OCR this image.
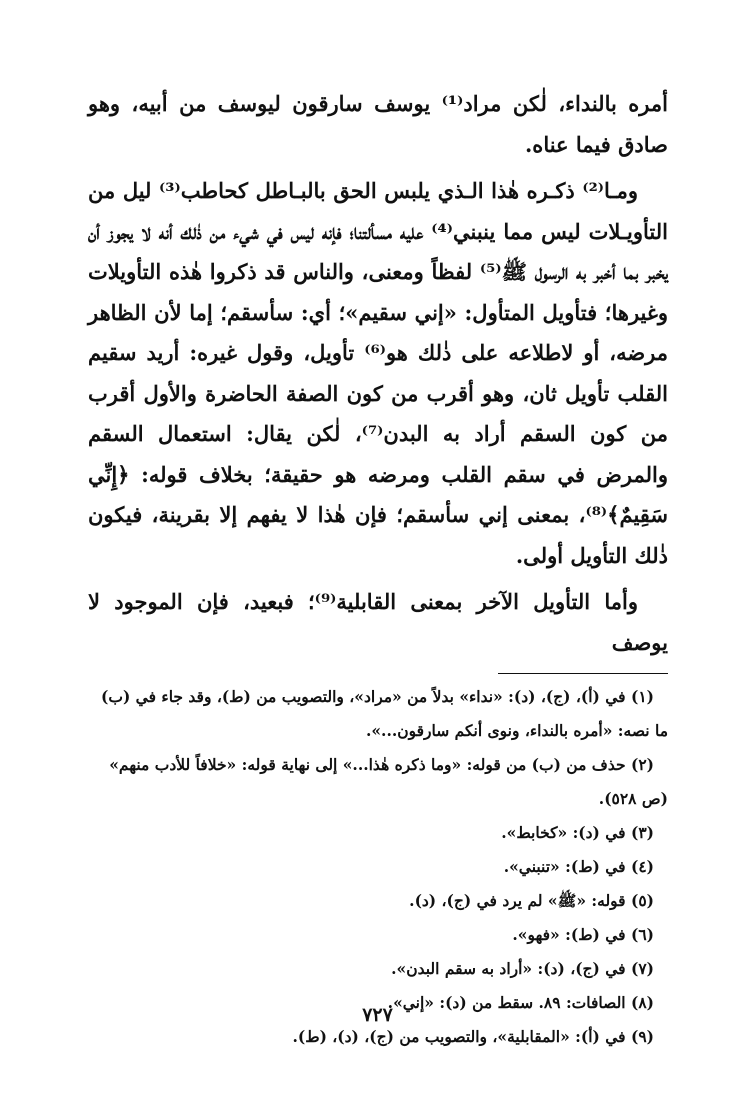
أمره بالنداء، لٰكن مراد⁽¹⁾ يوسف سارقون ليوسف من أبيه، وهو صادق فيما عناه.

ومـا⁽²⁾ ذكـره هٰذا الـذي يلبس الحق بالبـاطل كحاطب⁽³⁾ ليل من التأويـلات ليس مما ينبني⁽⁴⁾ عليه مسألتنا؛ فإنه ليس في شيء من ذٰلك أنه لا يجوز أن يخبر بما أخبر به الرسول ﷺ⁽⁵⁾ لفظاً ومعنى، والناس قد ذكروا هٰذه التأويلات وغيرها؛ فتأويل المتأول: «إني سقيم»؛ أي: سأسقم؛ إما لأن الظاهر مرضه، أو لاطلاعه على ذٰلك هو⁽⁶⁾ تأويل، وقول غيره: أريد سقيم القلب تأويل ثان، وهو أقرب من كون الصفة الحاضرة والأول أقرب من كون السقم أراد به البدن⁽⁷⁾، لٰكن يقال: استعمال السقم والمرض في سقم القلب ومرضه هو حقيقة؛ بخلاف قوله: ﴿إِنِّي سَقِيمٌ﴾⁽⁸⁾، بمعنى إني سأسقم؛ فإن هٰذا لا يفهم إلا بقرينة، فيكون ذٰلك التأويل أولى.

وأما التأويل الآخر بمعنى القابلية⁽⁹⁾؛ فبعيد، فإن الموجود لا يوصف

(١) في (أ)، (ج)، (د): «نداء» بدلاً من «مراد»، والتصويب من (ط)، وقد جاء في (ب) ما نصه: «أمره بالنداء، ونوى أنكم سارقون...».

(٢) حذف من (ب) من قوله: «وما ذكره هٰذا...» إلى نهاية قوله: «خلافاً للأدب منهم» (ص ٥٢٨).

(٣) في (د): «كخابط».

(٤) في (ط): «تنبني».

(٥) قوله: «ﷺ» لم يرد في (ج)، (د).

(٦) في (ط): «فهو».

(٧) في (ج)، (د): «أراد به سقم البدن».

(٨) الصافات: ٨٩. سقط من (د): «إني».

(٩) في (أ): «المقابلية»، والتصويب من (ج)، (د)، (ط).

٧٢٧
